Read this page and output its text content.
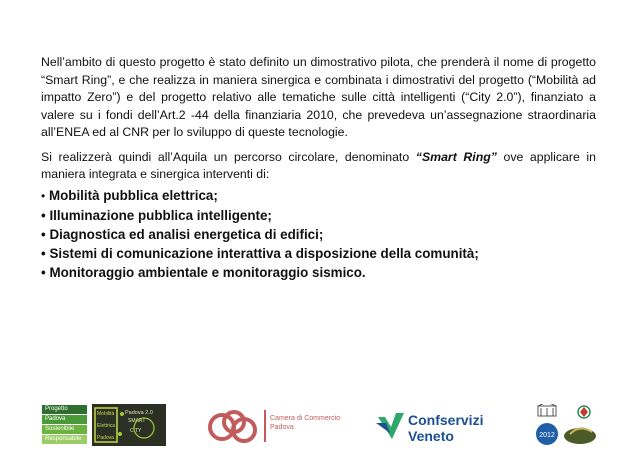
Nell’ambito di questo progetto è stato definito un dimostrativo pilota, che prenderà il nome di progetto “Smart Ring”, e che realizza in maniera sinergica e combinata i dimostrativi del progetto (“Mobilità ad impatto Zero”) e del progetto relativo alle tematiche sulle città intelligenti (“City 2.0”), finanziato a valere su i fondi dell’Art.2 -44 della finanziaria 2010, che prevedeva un’assegnazione straordinaria all’ENEA ed al CNR per lo sviluppo di queste tecnologie.

Si realizzerà quindi all’Aquila un percorso circolare, denominato “Smart Ring” ove applicare in maniera integrata e sinergica interventi di:

• Mobilità pubblica elettrica;
• Illuminazione pubblica intelligente;
• Diagnostica ed analisi energetica di edifici;
• Sistemi di comunicazione interattiva a disposizione della comunità;
• Monitoraggio ambientale e monitoraggio sismico.
Progetto
Padova
Sostenibile
Responsabile
Mobilità
Elettrica
Padova
Padova 2.0
SMART
CITY
Camera di Commercio
Padova	Confservizi
Veneto	2012
